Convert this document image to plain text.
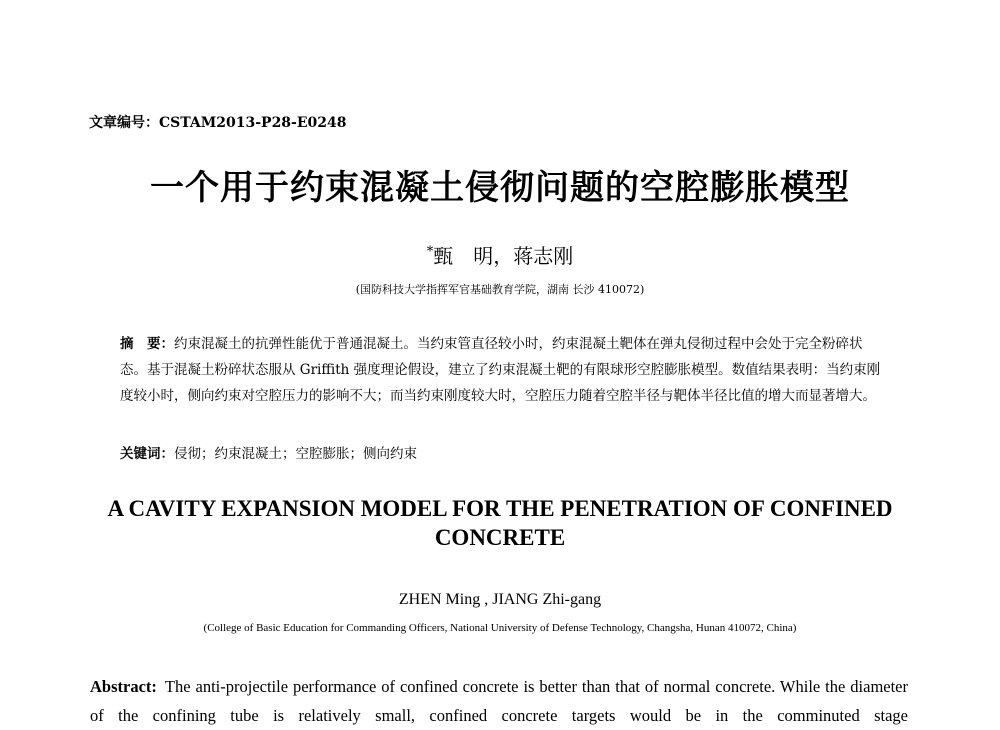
文章编号：CSTAM2013-P28-E0248
一个用于约束混凝土侵彻问题的空腔膨胀模型
*甄　明，蒋志刚
(国防科技大学指挥军官基础教育学院，湖南 长沙 410072)
摘　要：约束混凝土的抗弹性能优于普通混凝土。当约束管直径较小时，约束混凝土靶体在弹丸侵彻过程中会处于完全粉碎状态。基于混凝土粉碎状态服从 Griffith 强度理论假设，建立了约束混凝土靶的有限球形空腔膨胀模型。数值结果表明：当约束刚度较小时，侧向约束对空腔压力的影响不大；而当约束刚度较大时，空腔压力随着空腔半径与靶体半径比值的增大而显著增大。
关键词：侵彻；约束混凝土；空腔膨胀；侧向约束
A CAVITY EXPANSION MODEL FOR THE PENETRATION OF CONFINED CONCRETE
ZHEN Ming , JIANG Zhi-gang
(College of Basic Education for Commanding Officers, National University of Defense Technology, Changsha, Hunan 410072, China)
Abstract: The anti-projectile performance of confined concrete is better than that of normal concrete. While the diameter of the confining tube is relatively small, confined concrete targets would be in the comminuted stage
